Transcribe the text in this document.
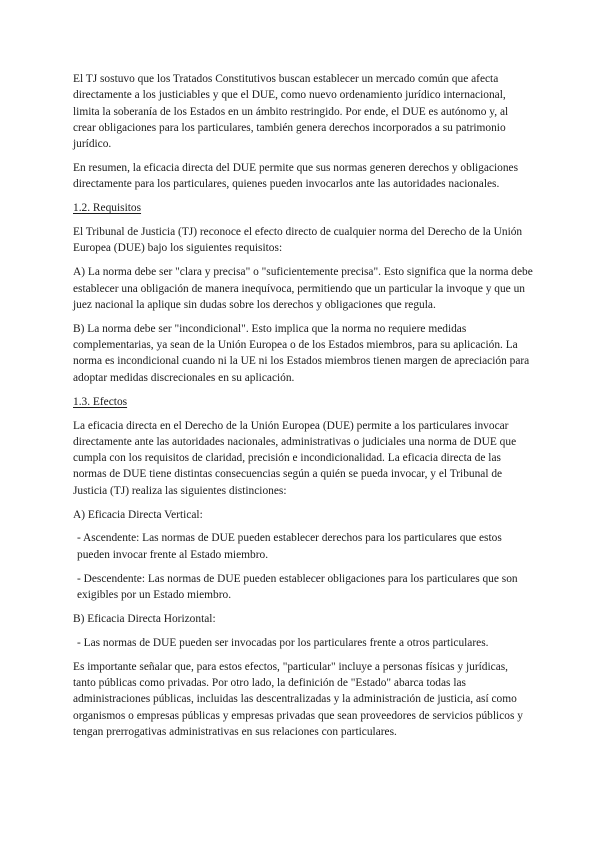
El TJ sostuvo que los Tratados Constitutivos buscan establecer un mercado común que afecta directamente a los justiciables y que el DUE, como nuevo ordenamiento jurídico internacional, limita la soberanía de los Estados en un ámbito restringido. Por ende, el DUE es autónomo y, al crear obligaciones para los particulares, también genera derechos incorporados a su patrimonio jurídico.

En resumen, la eficacia directa del DUE permite que sus normas generen derechos y obligaciones directamente para los particulares, quienes pueden invocarlos ante las autoridades nacionales.

1.2. Requisitos

El Tribunal de Justicia (TJ) reconoce el efecto directo de cualquier norma del Derecho de la Unión Europea (DUE) bajo los siguientes requisitos:

A) La norma debe ser "clara y precisa" o "suficientemente precisa". Esto significa que la norma debe establecer una obligación de manera inequívoca, permitiendo que un particular la invoque y que un juez nacional la aplique sin dudas sobre los derechos y obligaciones que regula.

B) La norma debe ser "incondicional". Esto implica que la norma no requiere medidas complementarias, ya sean de la Unión Europea o de los Estados miembros, para su aplicación. La norma es incondicional cuando ni la UE ni los Estados miembros tienen margen de apreciación para adoptar medidas discrecionales en su aplicación.

1.3. Efectos

La eficacia directa en el Derecho de la Unión Europea (DUE) permite a los particulares invocar directamente ante las autoridades nacionales, administrativas o judiciales una norma de DUE que cumpla con los requisitos de claridad, precisión e incondicionalidad. La eficacia directa de las normas de DUE tiene distintas consecuencias según a quién se pueda invocar, y el Tribunal de Justicia (TJ) realiza las siguientes distinciones:

A) Eficacia Directa Vertical:

- Ascendente: Las normas de DUE pueden establecer derechos para los particulares que estos pueden invocar frente al Estado miembro.

- Descendente: Las normas de DUE pueden establecer obligaciones para los particulares que son exigibles por un Estado miembro.

B) Eficacia Directa Horizontal:

- Las normas de DUE pueden ser invocadas por los particulares frente a otros particulares.

Es importante señalar que, para estos efectos, "particular" incluye a personas físicas y jurídicas, tanto públicas como privadas. Por otro lado, la definición de "Estado" abarca todas las administraciones públicas, incluidas las descentralizadas y la administración de justicia, así como organismos o empresas públicas y empresas privadas que sean proveedores de servicios públicos y tengan prerrogativas administrativas en sus relaciones con particulares.
